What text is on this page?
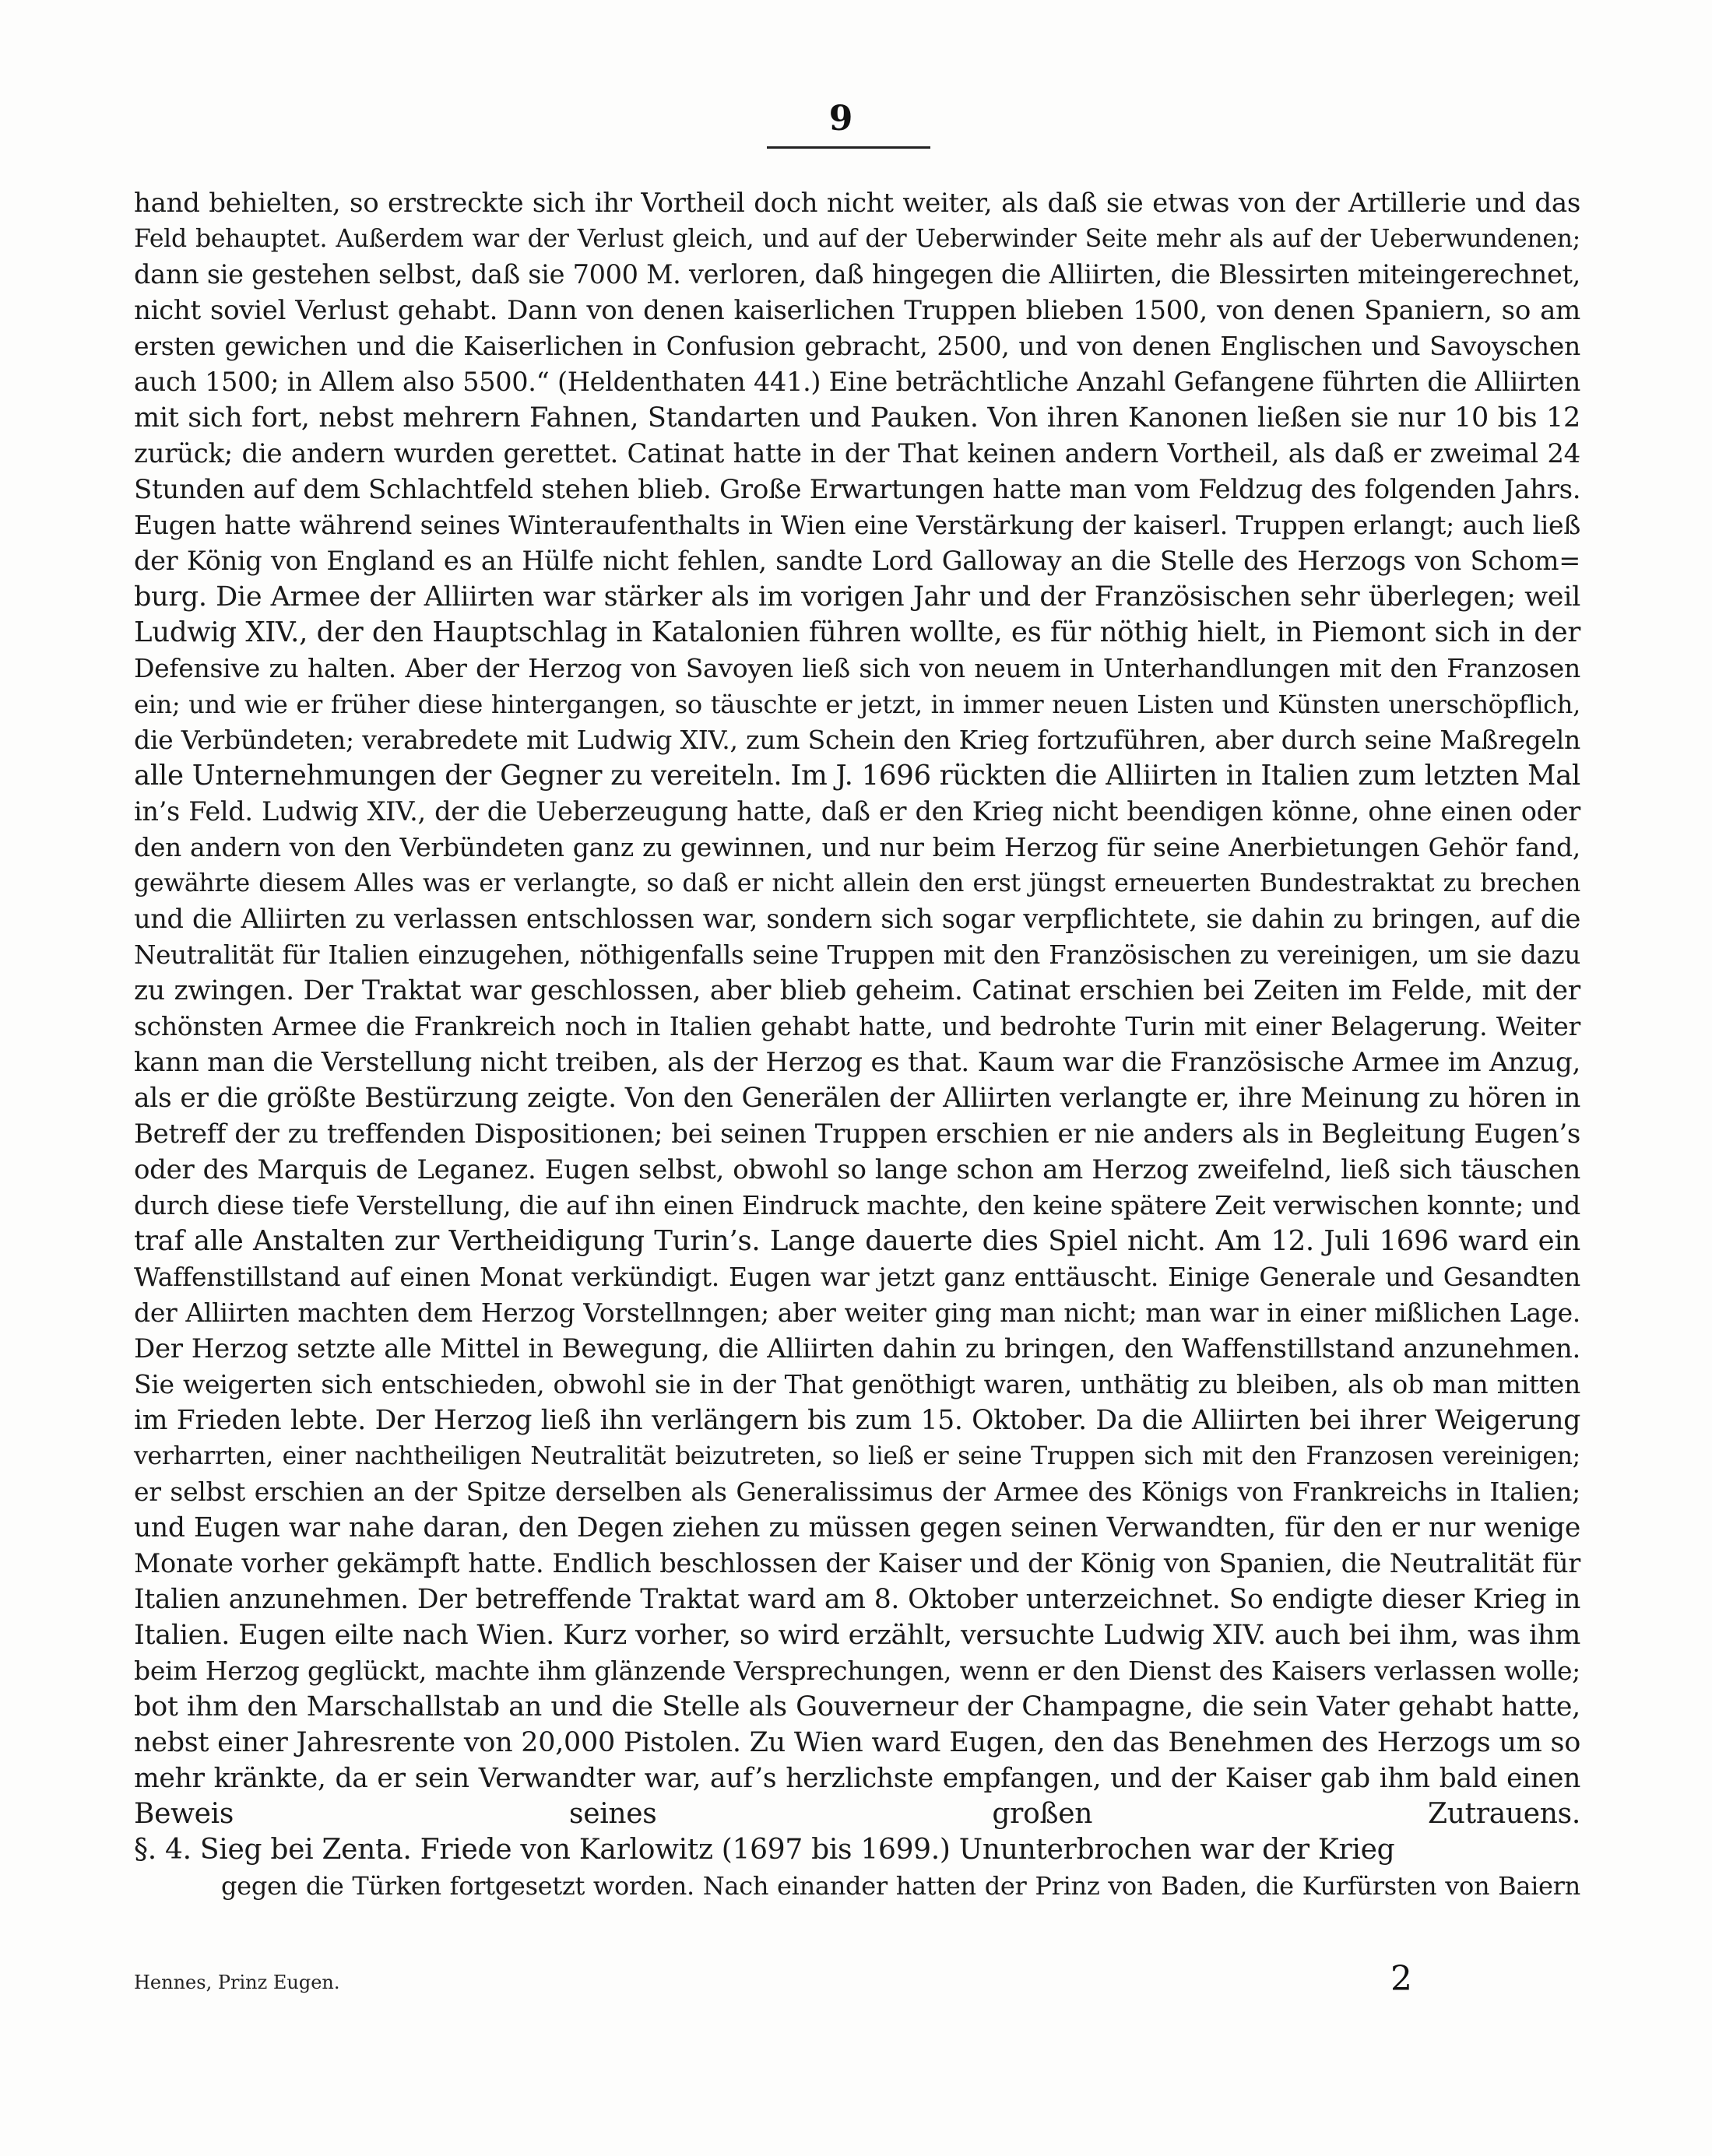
9
hand behielten, so erstreckte sich ihr Vortheil doch nicht weiter, als daß sie etwas von der Artillerie und das
Feld behauptet. Außerdem war der Verlust gleich, und auf der Ueberwinder Seite mehr als auf der Ueberwundenen;
dann sie gestehen selbst, daß sie 7000 M. verloren, daß hingegen die Alliirten, die Blessirten miteingerechnet,
nicht soviel Verlust gehabt. Dann von denen kaiserlichen Truppen blieben 1500, von denen Spaniern, so am
ersten gewichen und die Kaiserlichen in Confusion gebracht, 2500, und von denen Englischen und Savoyschen
auch 1500; in Allem also 5500.“ (Heldenthaten 441.) Eine beträchtliche Anzahl Gefangene führten die Alliirten
mit sich fort, nebst mehrern Fahnen, Standarten und Pauken. Von ihren Kanonen ließen sie nur 10 bis 12
zurück; die andern wurden gerettet. Catinat hatte in der That keinen andern Vortheil, als daß er zweimal 24
Stunden auf dem Schlachtfeld stehen blieb. Große Erwartungen hatte man vom Feldzug des folgenden Jahrs.
Eugen hatte während seines Winteraufenthalts in Wien eine Verstärkung der kaiserl. Truppen erlangt; auch ließ
der König von England es an Hülfe nicht fehlen, sandte Lord Galloway an die Stelle des Herzogs von Schom=
burg. Die Armee der Alliirten war stärker als im vorigen Jahr und der Französischen sehr überlegen; weil
Ludwig XIV., der den Hauptschlag in Katalonien führen wollte, es für nöthig hielt, in Piemont sich in der
Defensive zu halten. Aber der Herzog von Savoyen ließ sich von neuem in Unterhandlungen mit den Franzosen
ein; und wie er früher diese hintergangen, so täuschte er jetzt, in immer neuen Listen und Künsten unerschöpflich,
die Verbündeten; verabredete mit Ludwig XIV., zum Schein den Krieg fortzuführen, aber durch seine Maßregeln
alle Unternehmungen der Gegner zu vereiteln. Im J. 1696 rückten die Alliirten in Italien zum letzten Mal
in’s Feld. Ludwig XIV., der die Ueberzeugung hatte, daß er den Krieg nicht beendigen könne, ohne einen oder
den andern von den Verbündeten ganz zu gewinnen, und nur beim Herzog für seine Anerbietungen Gehör fand,
gewährte diesem Alles was er verlangte, so daß er nicht allein den erst jüngst erneuerten Bundestraktat zu brechen
und die Alliirten zu verlassen entschlossen war, sondern sich sogar verpflichtete, sie dahin zu bringen, auf die
Neutralität für Italien einzugehen, nöthigenfalls seine Truppen mit den Französischen zu vereinigen, um sie dazu
zu zwingen. Der Traktat war geschlossen, aber blieb geheim. Catinat erschien bei Zeiten im Felde, mit der
schönsten Armee die Frankreich noch in Italien gehabt hatte, und bedrohte Turin mit einer Belagerung. Weiter
kann man die Verstellung nicht treiben, als der Herzog es that. Kaum war die Französische Armee im Anzug,
als er die größte Bestürzung zeigte. Von den Generälen der Alliirten verlangte er, ihre Meinung zu hören in
Betreff der zu treffenden Dispositionen; bei seinen Truppen erschien er nie anders als in Begleitung Eugen’s
oder des Marquis de Leganez. Eugen selbst, obwohl so lange schon am Herzog zweifelnd, ließ sich täuschen
durch diese tiefe Verstellung, die auf ihn einen Eindruck machte, den keine spätere Zeit verwischen konnte; und
traf alle Anstalten zur Vertheidigung Turin’s. Lange dauerte dies Spiel nicht. Am 12. Juli 1696 ward ein
Waffenstillstand auf einen Monat verkündigt. Eugen war jetzt ganz enttäuscht. Einige Generale und Gesandten
der Alliirten machten dem Herzog Vorstellnngen; aber weiter ging man nicht; man war in einer mißlichen Lage.
Der Herzog setzte alle Mittel in Bewegung, die Alliirten dahin zu bringen, den Waffenstillstand anzunehmen.
Sie weigerten sich entschieden, obwohl sie in der That genöthigt waren, unthätig zu bleiben, als ob man mitten
im Frieden lebte. Der Herzog ließ ihn verlängern bis zum 15. Oktober. Da die Alliirten bei ihrer Weigerung
verharrten, einer nachtheiligen Neutralität beizutreten, so ließ er seine Truppen sich mit den Franzosen vereinigen;
er selbst erschien an der Spitze derselben als Generalissimus der Armee des Königs von Frankreichs in Italien;
und Eugen war nahe daran, den Degen ziehen zu müssen gegen seinen Verwandten, für den er nur wenige
Monate vorher gekämpft hatte. Endlich beschlossen der Kaiser und der König von Spanien, die Neutralität für
Italien anzunehmen. Der betreffende Traktat ward am 8. Oktober unterzeichnet. So endigte dieser Krieg in
Italien. Eugen eilte nach Wien. Kurz vorher, so wird erzählt, versuchte Ludwig XIV. auch bei ihm, was ihm
beim Herzog geglückt, machte ihm glänzende Versprechungen, wenn er den Dienst des Kaisers verlassen wolle;
bot ihm den Marschallstab an und die Stelle als Gouverneur der Champagne, die sein Vater gehabt hatte,
nebst einer Jahresrente von 20,000 Pistolen. Zu Wien ward Eugen, den das Benehmen des Herzogs um so
mehr kränkte, da er sein Verwandter war, auf’s herzlichste empfangen, und der Kaiser gab ihm bald einen
Beweis seines großen Zutrauens.
§. 4. Sieg bei Zenta. Friede von Karlowitz (1697 bis 1699.) Ununterbrochen war der Krieg
gegen die Türken fortgesetzt worden. Nach einander hatten der Prinz von Baden, die Kurfürsten von Baiern
Hennes, Prinz Eugen.	2
